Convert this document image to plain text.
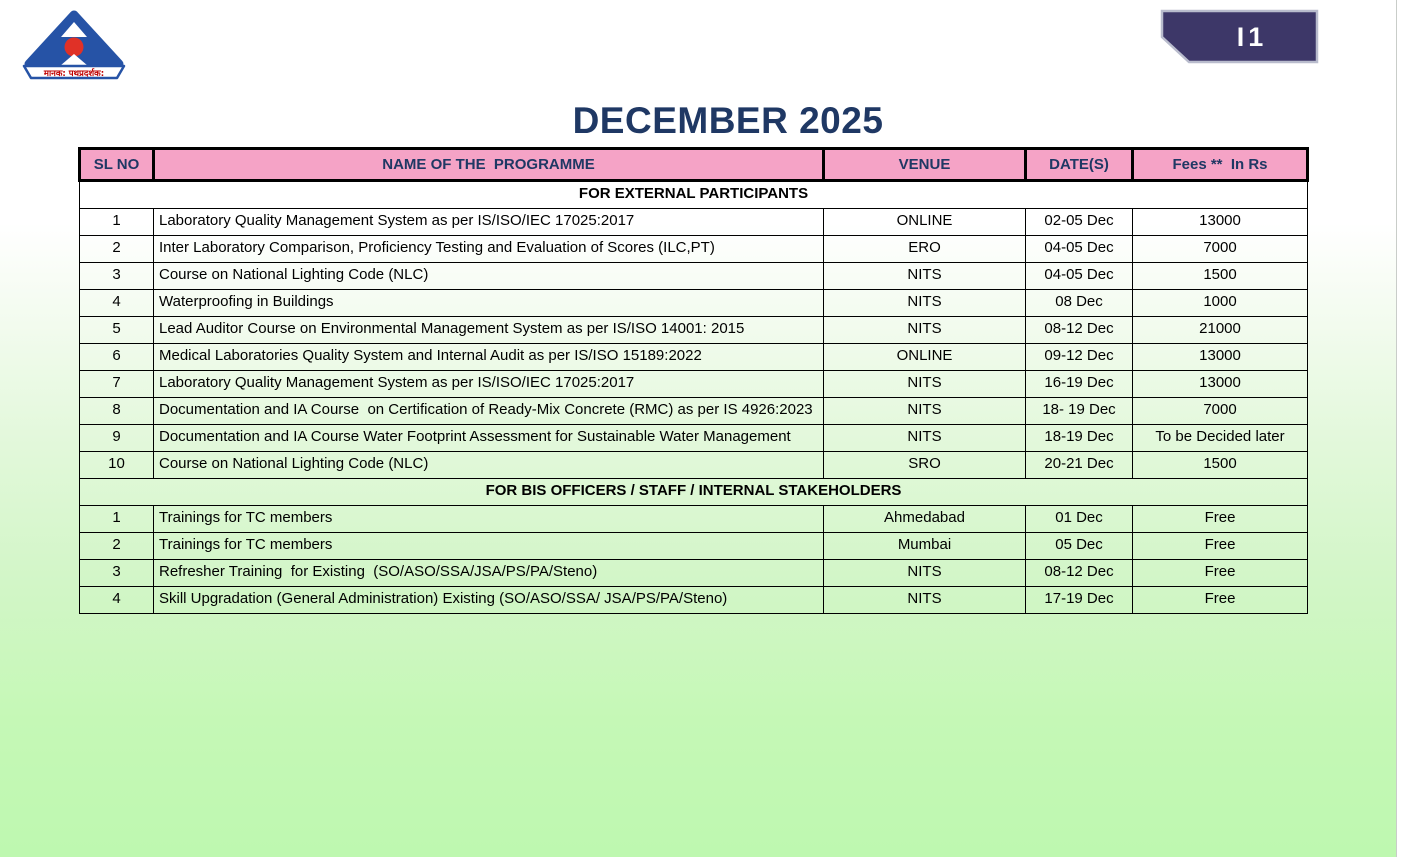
मानक: पथप्रदर्शक:
I1
DECEMBER 2025
SL NO	NAME OF THE  PROGRAMME	VENUE	DATE(S)	Fees **  In Rs
FOR EXTERNAL PARTICIPANTS				
1	Laboratory Quality Management System as per IS/ISO/IEC 17025:2017	ONLINE	02-05 Dec	13000
2	Inter Laboratory Comparison, Proficiency Testing and Evaluation of Scores (ILC,PT)	ERO	04-05 Dec	7000
3	Course on National Lighting Code (NLC)	NITS	04-05 Dec	1500
4	Waterproofing in Buildings	NITS	08 Dec	1000
5	Lead Auditor Course on Environmental Management System as per IS/ISO 14001: 2015	NITS	08-12 Dec	21000
6	Medical Laboratories Quality System and Internal Audit as per IS/ISO 15189:2022	ONLINE	09-12 Dec	13000
7	Laboratory Quality Management System as per IS/ISO/IEC 17025:2017	NITS	16-19 Dec	13000
8	Documentation and IA Course  on Certification of Ready-Mix Concrete (RMC) as per IS 4926:2023	NITS	18- 19 Dec	7000
9	Documentation and IA Course Water Footprint Assessment for Sustainable Water Management	NITS	18-19 Dec	To be Decided later
10	Course on National Lighting Code (NLC)	SRO	20-21 Dec	1500
FOR BIS OFFICERS / STAFF / INTERNAL STAKEHOLDERS				
1	Trainings for TC members	Ahmedabad	01 Dec	Free
2	Trainings for TC members	Mumbai	05 Dec	Free
3	Refresher Training  for Existing  (SO/ASO/SSA/JSA/PS/PA/Steno)	NITS	08-12 Dec	Free
4	Skill Upgradation (General Administration) Existing (SO/ASO/SSA/ JSA/PS/PA/Steno)	NITS	17-19 Dec	Free
